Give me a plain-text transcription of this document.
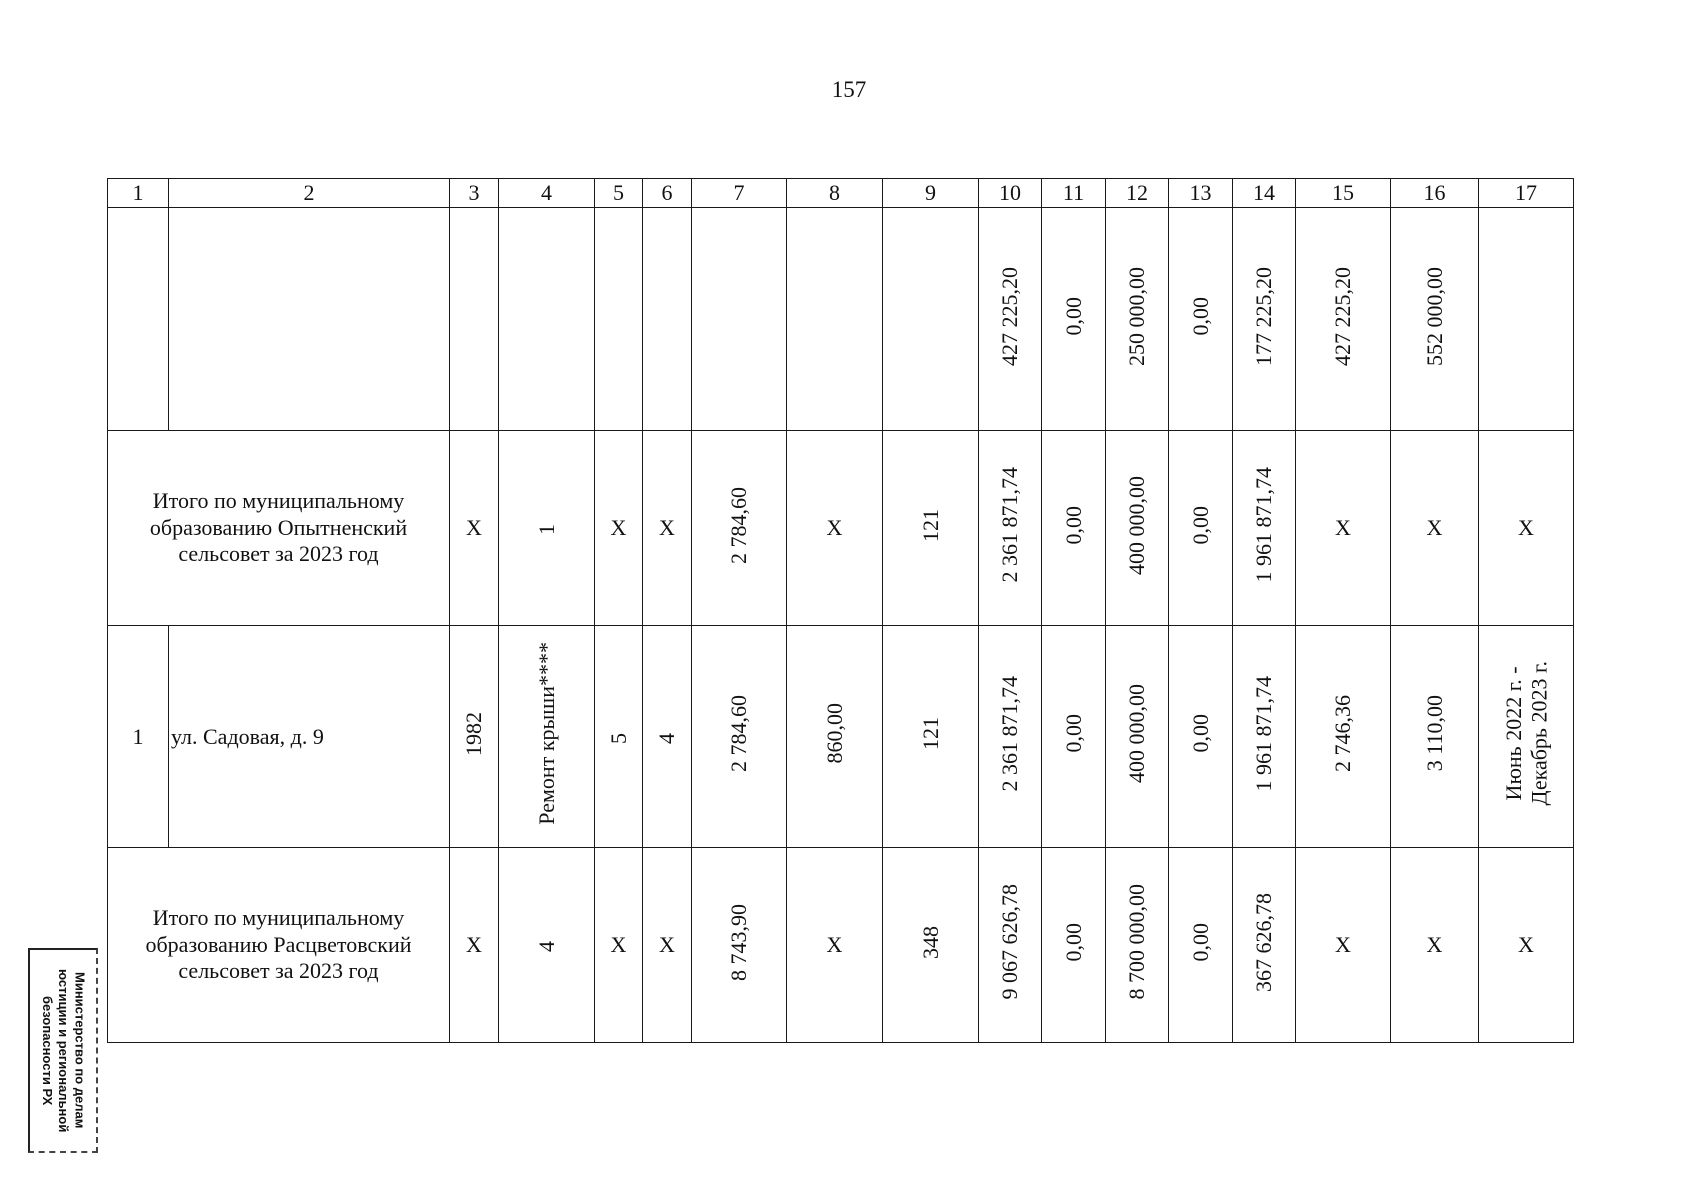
157
1	2	3	4	5	6	7	8	9	10	11	12	13	14	15	16	17
									427 225,20	0,00	250 000,00	0,00	177 225,20	427 225,20	552 000,00	
Итого по муниципальному образованию Опытненский сельсовет за 2023 год		X	1	X	X	2 784,60	X	121	2 361 871,74	0,00	400 000,00	0,00	1 961 871,74	X	X	X
1	ул. Садовая, д. 9	1982	Ремонт крыши****	5	4	2 784,60	860,00	121	2 361 871,74	0,00	400 000,00	0,00	1 961 871,74	2 746,36	3 110,00	Июнь 2022 г. -
Декабрь 2023 г.
Итого по муниципальному образованию Расцветовский сельсовет за 2023 год		X	4	X	X	8 743,90	X	348	9 067 626,78	0,00	8 700 000,00	0,00	367 626,78	X	X	X
Министерство по делам
юстиции и региональной
безопасности РХ
